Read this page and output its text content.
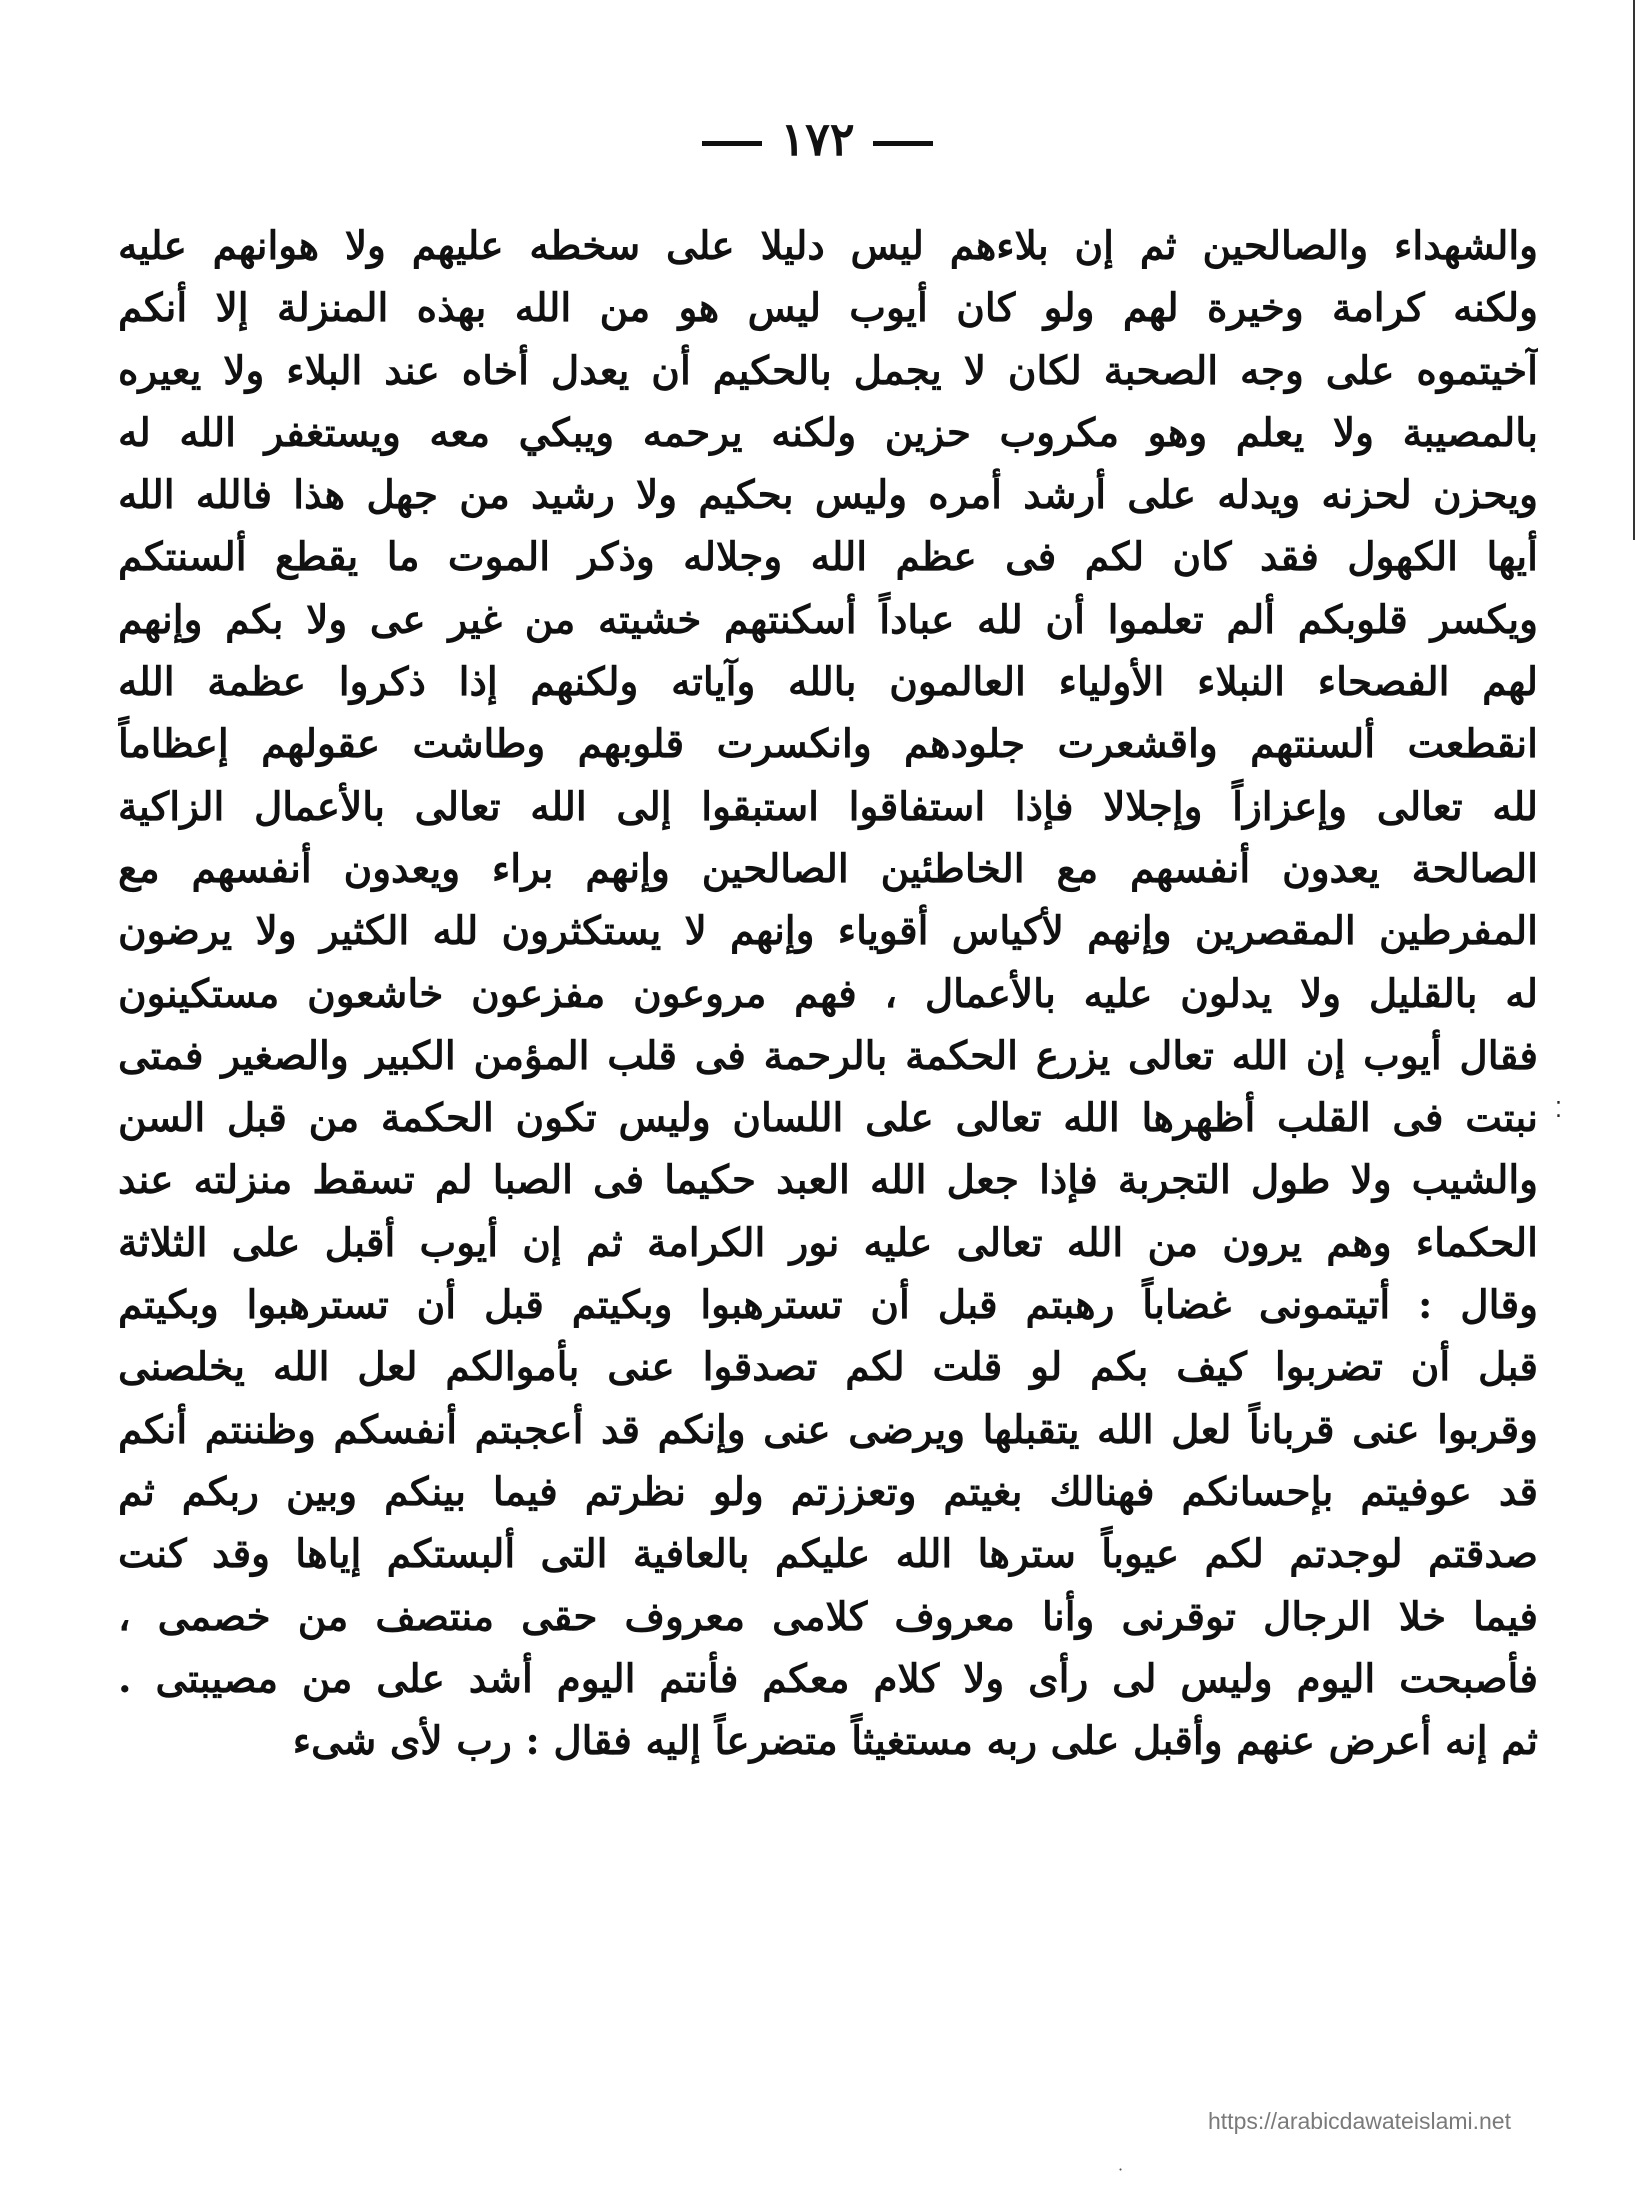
١٧٢
والشهداء والصالحين ثم إن بلاءهم ليس دليلا على سخطه عليهم ولا هوانهم عليه
ولكنه كرامة وخيرة لهم ولو كان أيوب ليس هو من الله بهذه المنزلة إلا أنكم
آخيتموه على وجه الصحبة لكان لا يجمل بالحكيم أن يعدل أخاه عند البلاء ولا يعيره
بالمصيبة ولا يعلم وهو مكروب حزين ولكنه يرحمه ويبكي معه ويستغفر الله له
ويحزن لحزنه ويدله على أرشد أمره وليس بحكيم ولا رشيد من جهل هذا فالله الله
أيها الكهول فقد كان لكم فى عظم الله وجلاله وذكر الموت ما يقطع ألسنتكم
ويكسر قلوبكم ألم تعلموا أن لله عباداً أسكنتهم خشيته من غير عى ولا بكم وإنهم
لهم الفصحاء النبلاء الأولياء العالمون بالله وآياته ولكنهم إذا ذكروا عظمة الله
انقطعت ألسنتهم واقشعرت جلودهم وانكسرت قلوبهم وطاشت عقولهم إعظاماً
لله تعالى وإعزازاً وإجلالا فإذا استفاقوا استبقوا إلى الله تعالى بالأعمال الزاكية
الصالحة يعدون أنفسهم مع الخاطئين الصالحين وإنهم براء ويعدون أنفسهم مع
المفرطين المقصرين وإنهم لأكياس أقوياء وإنهم لا يستكثرون لله الكثير ولا يرضون
له بالقليل ولا يدلون عليه بالأعمال ، فهم مروعون مفزعون خاشعون مستكينون
فقال أيوب إن الله تعالى يزرع الحكمة بالرحمة فى قلب المؤمن الكبير والصغير فمتى
نبتت فى القلب أظهرها الله تعالى على اللسان وليس تكون الحكمة من قبل السن
والشيب ولا طول التجربة فإذا جعل الله العبد حكيما فى الصبا لم تسقط منزلته عند
الحكماء وهم يرون من الله تعالى عليه نور الكرامة ثم إن أيوب أقبل على الثلاثة
وقال : أتيتمونى غضاباً رهبتم قبل أن تسترهبوا وبكيتم قبل أن تسترهبوا وبكيتم
قبل أن تضربوا كيف بكم لو قلت لكم تصدقوا عنى بأموالكم لعل الله يخلصنى
وقربوا عنى قرباناً لعل الله يتقبلها ويرضى عنى وإنكم قد أعجبتم أنفسكم وظننتم أنكم
قد عوفيتم بإحسانكم فهنالك بغيتم وتعززتم ولو نظرتم فيما بينكم وبين ربكم ثم
صدقتم لوجدتم لكم عيوباً سترها الله عليكم بالعافية التى ألبستكم إياها وقد كنت
فيما خلا الرجال توقرنى وأنا معروف كلامى معروف حقى منتصف من خصمى ،
فأصبحت اليوم وليس لى رأى ولا كلام معكم فأنتم اليوم أشد على من مصيبتى .
ثم إنه أعرض عنهم وأقبل على ربه مستغيثاً متضرعاً إليه فقال : رب لأى شىء
⁚
·
https://arabicdawateislami.net
